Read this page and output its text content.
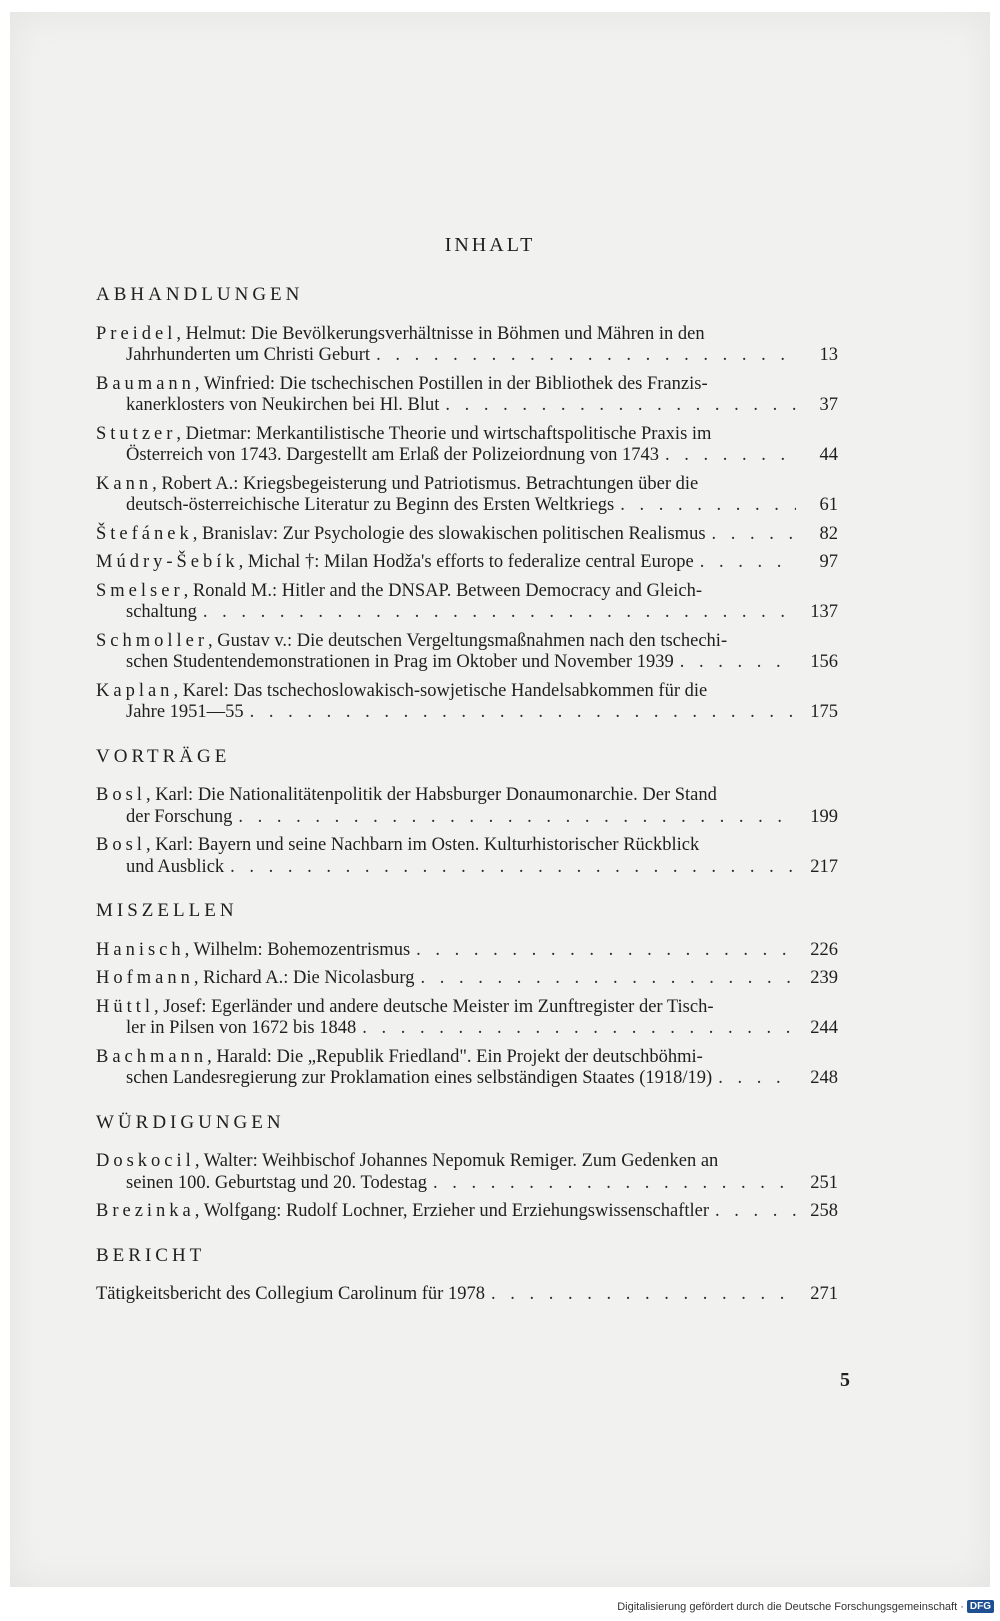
INHALT
ABHANDLUNGEN
Preidel, Helmut: Die Bevölkerungsverhältnisse in Böhmen und Mähren in den
Jahrhunderten um Christi Geburt . . .	13
Baumann, Winfried: Die tschechischen Postillen in der Bibliothek des Franzis-
kanerklosters von Neukirchen bei Hl. Blut . . .	37
Stutzer, Dietmar: Merkantilistische Theorie und wirtschaftspolitische Praxis im
Österreich von 1743. Dargestellt am Erlaß der Polizeiordnung von 1743 . . .	44
Kann, Robert A.: Kriegsbegeisterung und Patriotismus. Betrachtungen über die
deutsch-österreichische Literatur zu Beginn des Ersten Weltkriegs . . .	61
Štefánek, Branislav: Zur Psychologie des slowakischen politischen Realismus . . .	82
Múdry-Šebík, Michal †: Milan Hodža's efforts to federalize central Europe . . .	97
Smelser, Ronald M.: Hitler and the DNSAP. Between Democracy and Gleich-
schaltung . . .	137
Schmoller, Gustav v.: Die deutschen Vergeltungsmaßnahmen nach den tschechi-
schen Studentendemonstrationen in Prag im Oktober und November 1939 . . .	156
Kaplan, Karel: Das tschechoslowakisch-sowjetische Handelsabkommen für die
Jahre 1951—55 . . .	175
VORTRÄGE
Bosl, Karl: Die Nationalitätenpolitik der Habsburger Donaumonarchie. Der Stand
der Forschung . . .	199
Bosl, Karl: Bayern und seine Nachbarn im Osten. Kulturhistorischer Rückblick
und Ausblick . . .	217
MISZELLEN
Hanisch, Wilhelm: Bohemozentrismus . . .	226
Hofmann, Richard A.: Die Nicolasburg . . .	239
Hüttl, Josef: Egerländer und andere deutsche Meister im Zunftregister der Tisch-
ler in Pilsen von 1672 bis 1848 . . .	244
Bachmann, Harald: Die „Republik Friedland". Ein Projekt der deutschböhmi-
schen Landesregierung zur Proklamation eines selbständigen Staates (1918/19) . . .	248
WÜRDIGUNGEN
Doskocil, Walter: Weihbischof Johannes Nepomuk Remiger. Zum Gedenken an
seinen 100. Geburtstag und 20. Todestag . . .	251
Brezinka, Wolfgang: Rudolf Lochner, Erzieher und Erziehungswissenschaftler . . .	258
BERICHT
Tätigkeitsbericht des Collegium Carolinum für 1978 . . .	271
5
Digitalisierung gefördert durch die Deutsche Forschungsgemeinschaft · DFG
